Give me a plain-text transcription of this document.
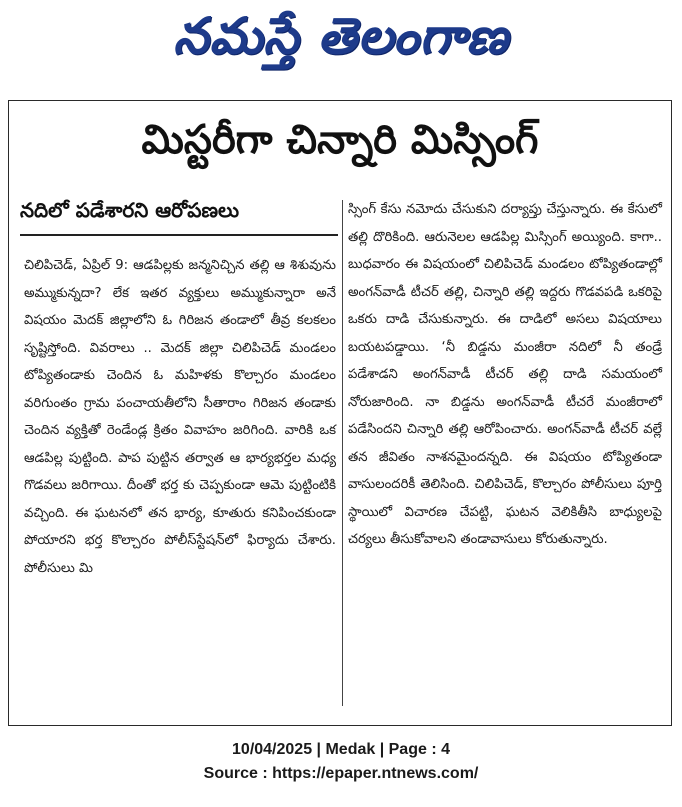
నమస్తే తెలంగాణ
మిస్టరీగా చిన్నారి మిస్సింగ్
నదిలో పడేశారని ఆరోపణలు

చిలిపిచెడ్, ఏప్రిల్ 9: ఆడపిల్లకు జన్మనిచ్చిన తల్లి ఆ శిశువును అమ్ముకున్నదా? లేక ఇతర వ్యక్తులు అమ్ముకున్నారా అనే విషయం మెదక్ జిల్లాలోని ఓ గిరిజన తండాలో తీవ్ర కలకలం సృష్టిస్తోంది. వివరాలు .. మెదక్ జిల్లా చిలిపిచెడ్ మండలం టోప్యితండాకు చెందిన ఓ మహిళకు కొల్చారం మండలం వరిగుంతం గ్రామ పంచాయతీలోని సీతారాం గిరిజన తండాకు చెందిన వ్యక్తితో రెండేండ్ల క్రితం వివాహం జరిగింది. వారికి ఒక ఆడపిల్ల పుట్టింది. పాప పుట్టిన తర్వాత ఆ భార్యభర్తల మధ్య గొడవలు జరిగాయి. దీంతో భర్త కు చెప్పకుండా ఆమె పుట్టింటికి వచ్చింది. ఈ ఘటనలో తన భార్య, కూతురు కనిపించకుండా పోయారని భర్త కొల్చారం పోలీస్‌స్టేషన్‌లో ఫిర్యాదు చేశారు. పోలీసులు మి

స్సింగ్ కేసు నమోదు చేసుకుని దర్యాప్తు చేస్తున్నారు. ఈ కేసులో తల్లి దొరికింది. ఆరునెలల ఆడపిల్ల మిస్సింగ్ అయ్యింది. కాగా.. బుధవారం ఈ విషయంలో చిలిపిచెడ్ మండలం టోప్యితండాల్లో అంగన్‌వాడీ టీచర్ తల్లి, చిన్నారి తల్లి ఇద్దరు గొడవపడి ఒకరిపై ఒకరు దాడి చేసుకున్నారు. ఈ దాడిలో అసలు విషయాలు బయటపడ్డాయి. ‘నీ బిడ్డను మంజీరా నదిలో నీ తండ్రే పడేశాడని అంగన్‌వాడీ టీచర్ తల్లి దాడి సమయంలో నోరుజారింది. నా బిడ్డను అంగన్‌వాడీ టీచరే మంజీరాలో పడేసిందని చిన్నారి తల్లి ఆరోపించారు. అంగన్‌వాడీ టీచర్ వల్లే తన జీవితం నాశనమైందన్నది. ఈ విషయం టోప్యితండా వాసులందరికీ తెలిసింది. చిలిపిచెడ్, కొల్చారం పోలీసులు పూర్తి స్థాయిలో విచారణ చేపట్టి, ఘటన వెలికితీసి బాధ్యులపై చర్యలు తీసుకోవాలని తండావాసులు కోరుతున్నారు.

10/04/2025 | Medak | Page : 4
Source : https://epaper.ntnews.com/
